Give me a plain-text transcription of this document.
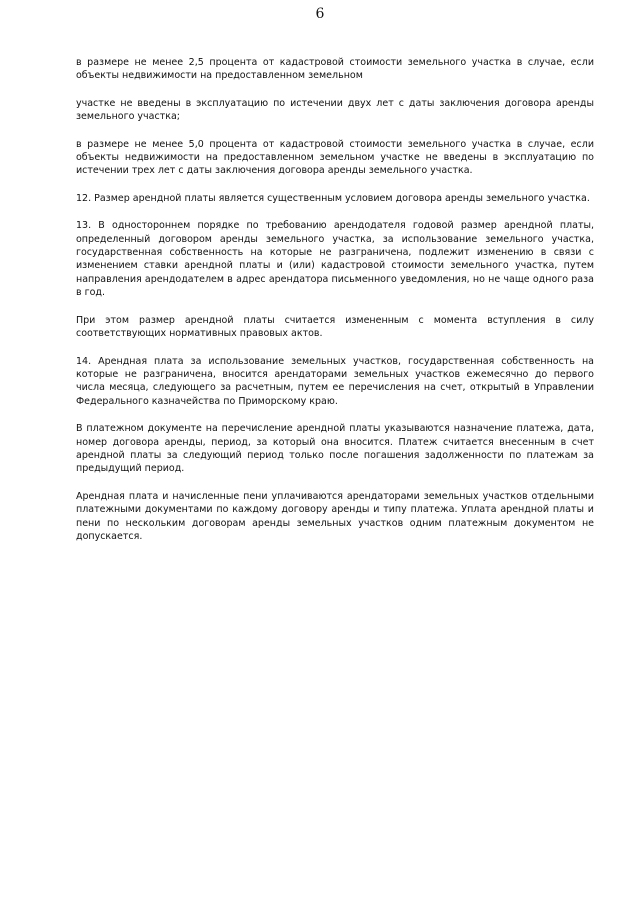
6

в размере не менее 2,5 процента от кадастровой стоимости земельного участка в случае, если объекты недвижимости на предоставленном земельном

участке не введены в эксплуатацию по истечении двух лет с даты заключения договора аренды земельного участка;

в размере не менее 5,0 процента от кадастровой стоимости земельного участка в случае, если объекты недвижимости на предоставленном земельном участке не введены в эксплуатацию по истечении трех лет с даты заключения договора аренды земельного участка.

12. Размер арендной платы является существенным условием договора аренды земельного участка.

13. В одностороннем порядке по требованию арендодателя годовой размер арендной платы, определенный договором аренды земельного участка, за использование земельного участка, государственная собственность на которые не разграничена, подлежит изменению в связи с изменением ставки арендной платы и (или) кадастровой стоимости земельного участка, путем направления арендодателем в адрес арендатора письменного уведомления, но не чаще одного раза в год.

При этом размер арендной платы считается измененным с момента вступления в силу соответствующих нормативных правовых актов.

14. Арендная плата за использование земельных участков, государственная собственность на которые не разграничена, вносится арендаторами земельных участков ежемесячно до первого числа месяца, следующего за расчетным, путем ее перечисления на счет, открытый в Управлении Федерального казначейства по Приморскому краю.

В платежном документе на перечисление арендной платы указываются назначение платежа, дата, номер договора аренды, период, за который она вносится. Платеж считается внесенным в счет арендной платы за следующий период только после погашения задолженности по платежам за предыдущий период.

Арендная плата и начисленные пени уплачиваются арендаторами земельных участков отдельными платежными документами по каждому договору аренды и типу платежа. Уплата арендной платы и пени по нескольким договорам аренды земельных участков одним платежным документом не допускается.
